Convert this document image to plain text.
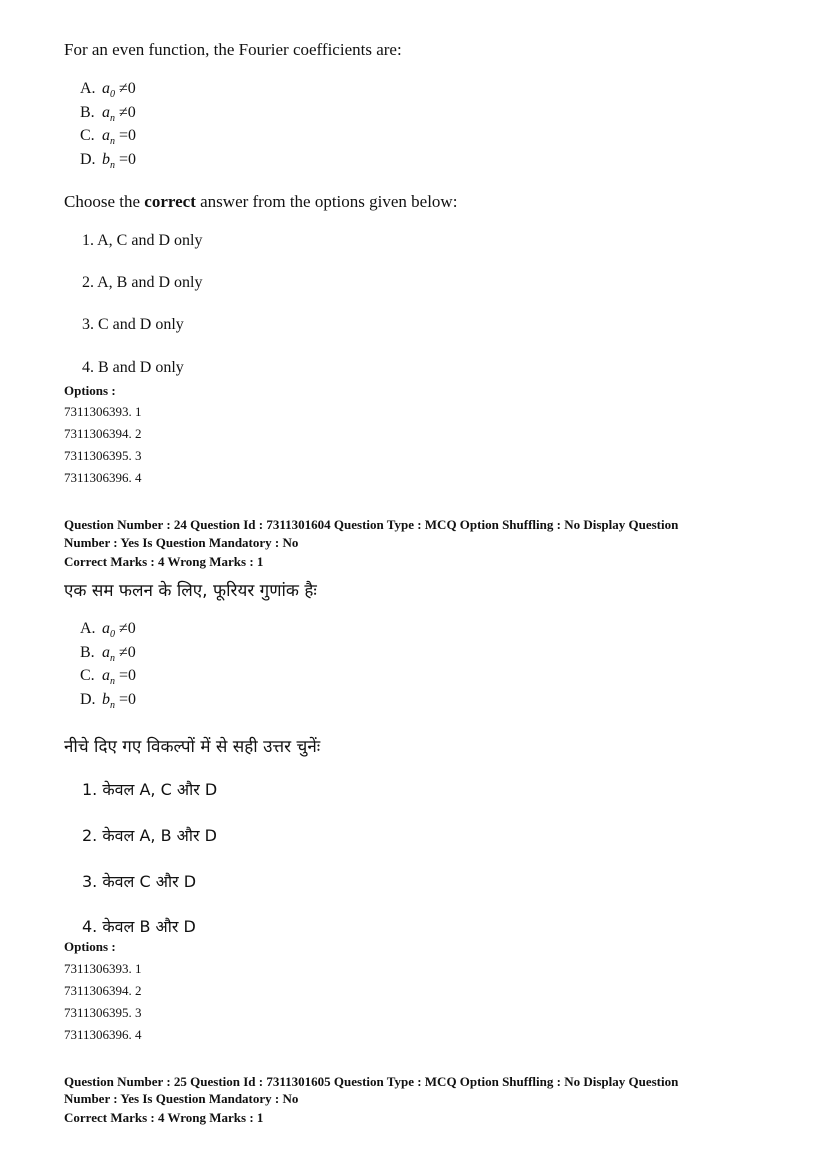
For an even function, the Fourier coefficients are:
A. $a_0 \ne 0$
B. $a_n \ne 0$
C. $a_n =0$
D. $b_n =0$
Choose the correct answer from the options given below:
1. A, C and D only
2. A, B and D only
3. C and D only
4. B and D only
Options :
7311306393. 1
7311306394. 2
7311306395. 3
7311306396. 4
Question Number : 24 Question Id : 7311301604 Question Type : MCQ Option Shuffling : No Display Question
Number : Yes Is Question Mandatory : No
Correct Marks : 4 Wrong Marks : 1
एक सम फलन के लिए, फूरियर गुणांक हैः
A. $a_0 \ne 0$
B. $a_n \ne 0$
C. $a_n =0$
D. $b_n =0$
नीचे दिए गए विकल्पों में से सही उत्तर चुनेंः
1. केवल A, C और D
2. केवल A, B और D
3. केवल C और D
4. केवल B और D
Options :
7311306393. 1
7311306394. 2
7311306395. 3
7311306396. 4
Question Number : 25 Question Id : 7311301605 Question Type : MCQ Option Shuffling : No Display Question
Number : Yes Is Question Mandatory : No
Correct Marks : 4 Wrong Marks : 1
